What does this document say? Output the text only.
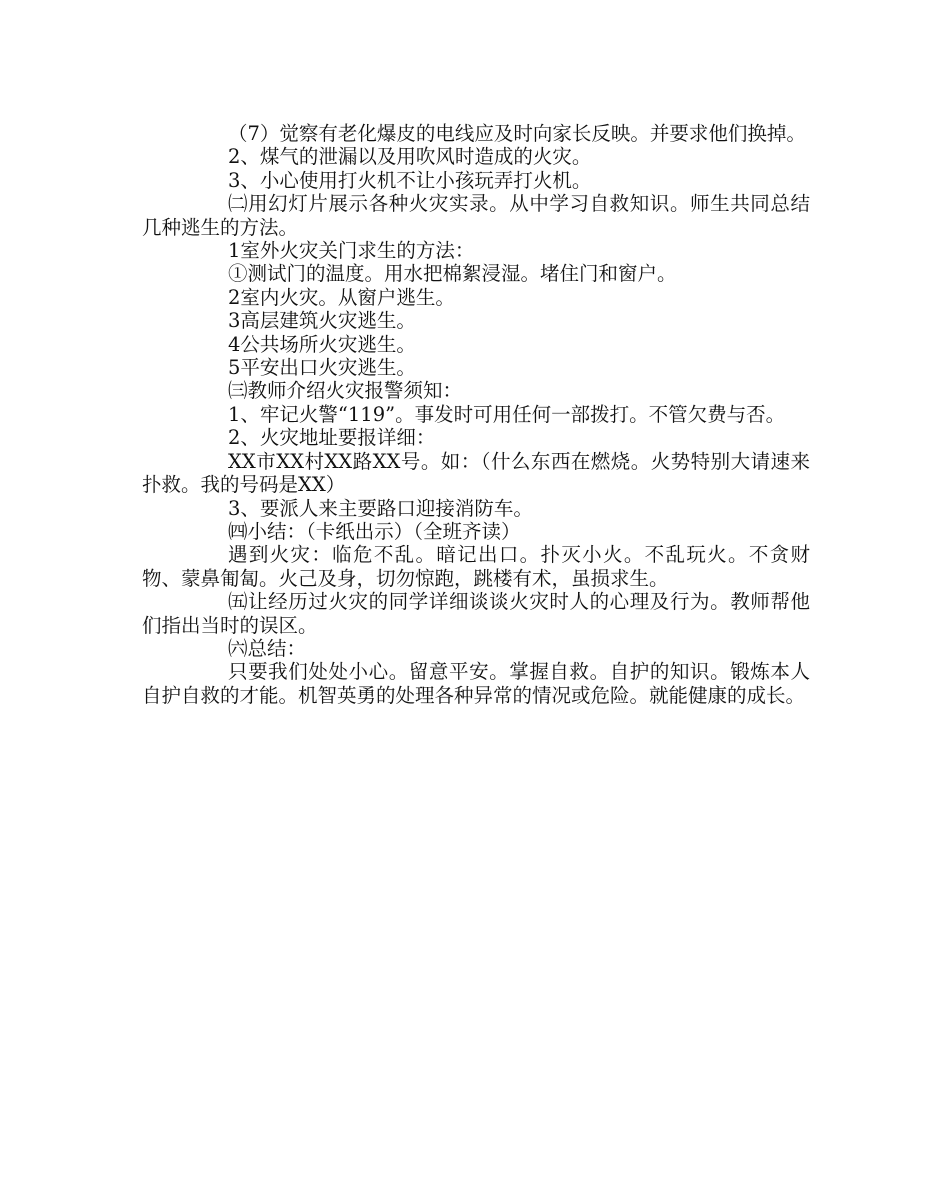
（7）觉察有老化爆皮的电线应及时向家长反映。并要求他们换掉。

2、煤气的泄漏以及用吹风时造成的火灾。

3、小心使用打火机不让小孩玩弄打火机。

㈡用幻灯片展示各种火灾实录。从中学习自救知识。师生共同总结几种逃生的方法。

1室外火灾关门求生的方法：

①测试门的温度。用水把棉絮浸湿。堵住门和窗户。

2室内火灾。从窗户逃生。

3高层建筑火灾逃生。

4公共场所火灾逃生。

5平安出口火灾逃生。

㈢教师介绍火灾报警须知：

1、牢记火警“119”。事发时可用任何一部拨打。不管欠费与否。

2、火灾地址要报详细：

XX市XX村XX路XX号。如：（什么东西在燃烧。火势特别大请速来扑救。我的号码是XX）

3、要派人来主要路口迎接消防车。

㈣小结：（卡纸出示）（全班齐读）

遇到火灾：临危不乱。暗记出口。扑灭小火。不乱玩火。不贪财物、蒙鼻匍匐。火己及身，切勿惊跑，跳楼有术，虽损求生。

㈤让经历过火灾的同学详细谈谈火灾时人的心理及行为。教师帮他们指出当时的误区。

㈥总结：

只要我们处处小心。留意平安。掌握自救。自护的知识。锻炼本人自护自救的才能。机智英勇的处理各种异常的情况或危险。就能健康的成长。
